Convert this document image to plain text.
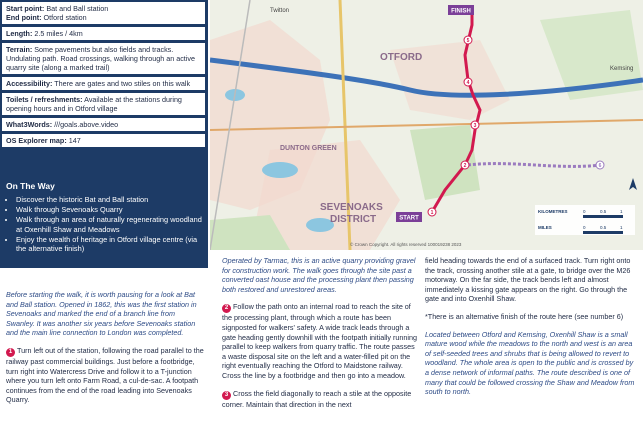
Start point: Bat and Ball station
End point: Otford station
Length: 2.5 miles / 4km
Terrain: Some pavements but also fields and tracks. Undulating path. Road crossings, walking through an active quarry site (along a marked trail)
Accessibility: There are gates and two stiles on this walk
Toilets / refreshments: Available at the stations during opening hours and in Otford village
What3Words: ///goals.above.video
OS Explorer map: 147
On The Way
• Discover the historic Bat and Ball station
• Walk through Sevenoaks Quarry
• Walk through an area of naturally regenerating woodland at Oxenhill Shaw and Meadows
• Enjoy the wealth of heritage in Otford village centre (via the alternative finish)
FINISH
START
1
2
3
4
5
6
Twitton
OTFORD
Kemsing
DUNTON GREEN
SEVENOAKS
DISTRICT
KILOMETRES	0	0.5	1
MILES	0	0.5	1
© Crown Copyright. All rights reserved 100019238 2023

Before starting the walk, it is worth pausing for a look at Bat and Ball station. Opened in 1862, this was the first station in Sevenoaks and marked the end of a branch line from Swanley. It was another six years before Sevenoaks station and the main line connection to London was completed.

1 Turn left out of the station, following the road parallel to the railway past commercial buildings. Just before a footbridge, turn right into Watercress Drive and follow it to a T-junction where you turn left onto Farm Road, a cul-de-sac. A footpath continues from the end of the road leading into Sevenoaks Quarry.

Operated by Tarmac, this is an active quarry providing gravel for construction work. The walk goes through the site past a converted oast house and the processing plant then passing both restored and unrestored areas.

2 Follow the path onto an internal road to reach the site of the processing plant, through which a route has been signposted for walkers' safety. A wide track leads through a gate heading gently downhill with the footpath initially running parallel to keep walkers from quarry traffic. The route passes a waste disposal site on the left and a water-filled pit on the right eventually reaching the Otford to Maidstone railway. Cross the line by a footbridge and then go into a meadow.

3 Cross the field diagonally to reach a stile at the opposite corner. Maintain that direction in the next

field heading towards the end of a surfaced track. Turn right onto the track, crossing another stile at a gate, to bridge over the M26 motorway. On the far side, the track bends left and almost immediately a kissing gate appears on the right. Go through the gate and into Oxenhill Shaw.

*There is an alternative finish of the route here (see number 6)

Located between Otford and Kemsing, Oxenhill Shaw is a small mature wood while the meadows to the north and west is an area of self-seeded trees and shrubs that is being allowed to revert to woodland. The whole area is open to the public and is crossed by a dense network of informal paths. The route described is one of many that could be followed crossing the Shaw and Meadow from south to north.
